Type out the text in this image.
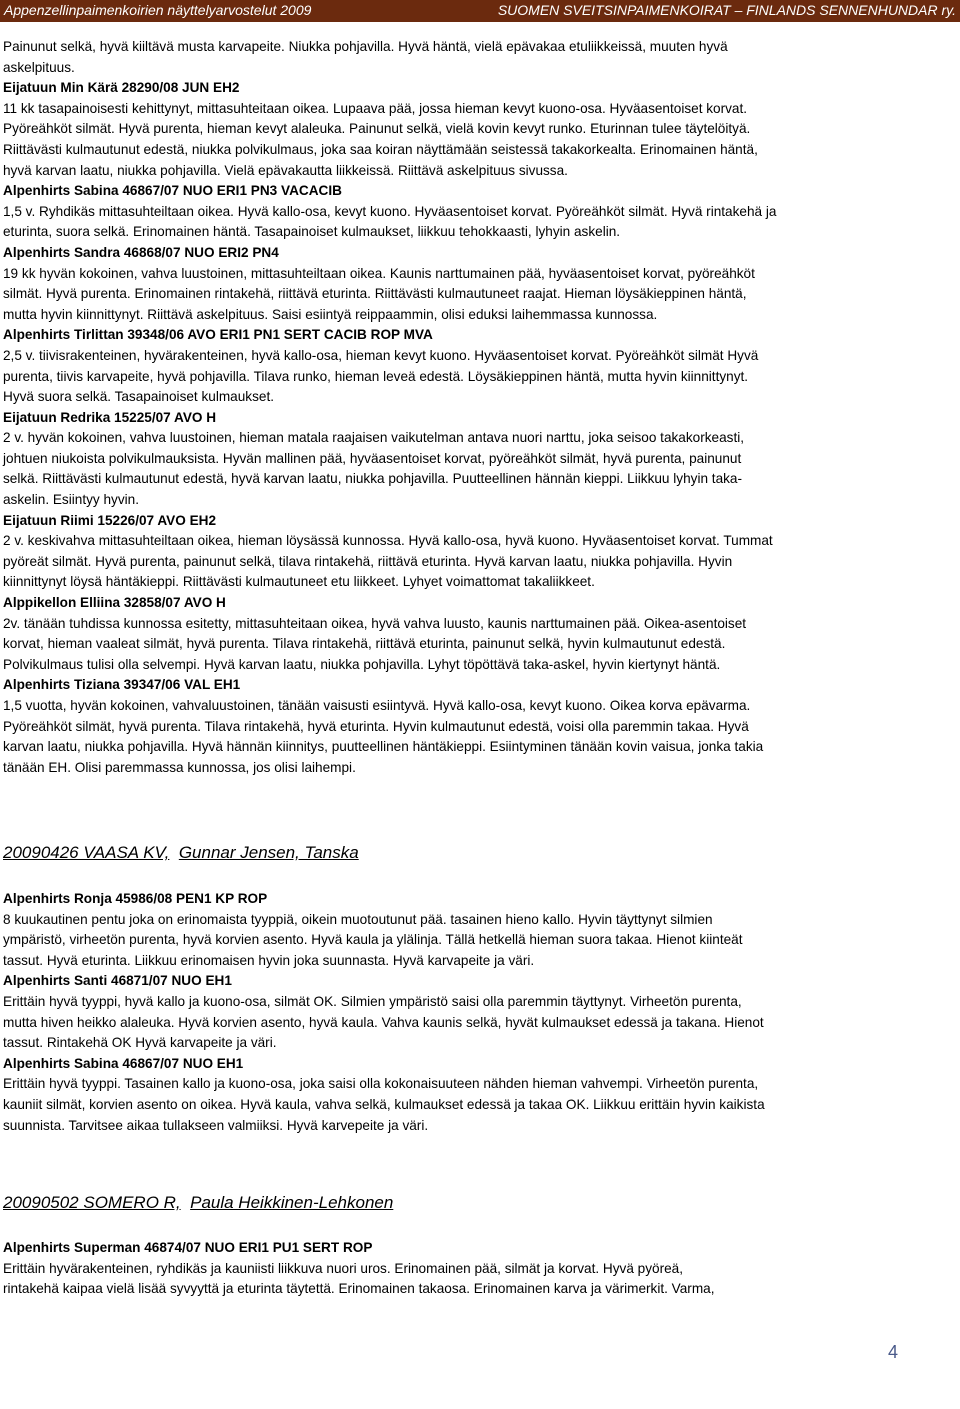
Appenzellinpaimenkoirien näyttelyarvostelut 2009	SUOMEN SVEITSINPAIMENKOIRAT – FINLANDS SENNENHUNDAR ry.
Painunut selkä, hyvä kiiltävä musta karvapeite. Niukka pohjavilla. Hyvä häntä, vielä epävakaa etuliikkeissä, muuten hyvä
askelpituus.
Eijatuun Min Kärä 28290/08 JUN EH2
11 kk tasapainoisesti kehittynyt, mittasuhteitaan oikea. Lupaava pää, jossa hieman kevyt kuono-osa. Hyväasentoiset korvat.
Pyöreähköt silmät. Hyvä purenta, hieman kevyt alaleuka. Painunut selkä, vielä kovin kevyt runko. Eturinnan tulee täytelöityä.
Riittävästi kulmautunut edestä, niukka polvikulmaus, joka saa koiran näyttämään seistessä takakorkealta. Erinomainen häntä,
hyvä karvan laatu, niukka pohjavilla. Vielä epävakautta liikkeissä. Riittävä askelpituus sivussa.
Alpenhirts Sabina 46867/07 NUO ERI1 PN3 VACACIB
1,5 v. Ryhdikäs mittasuhteiltaan oikea. Hyvä kallo-osa, kevyt kuono. Hyväasentoiset korvat. Pyöreähköt silmät. Hyvä rintakehä ja
eturinta, suora selkä. Erinomainen häntä. Tasapainoiset kulmaukset, liikkuu tehokkaasti, lyhyin askelin.
Alpenhirts Sandra 46868/07 NUO ERI2 PN4
19 kk hyvän kokoinen, vahva luustoinen, mittasuhteiltaan oikea. Kaunis narttumainen pää, hyväasentoiset korvat, pyöreähköt
silmät. Hyvä purenta. Erinomainen rintakehä, riittävä eturinta. Riittävästi kulmautuneet raajat. Hieman löysäkieppinen häntä,
mutta hyvin kiinnittynyt. Riittävä askelpituus. Saisi esiintyä reippaammin, olisi eduksi laihemmassa kunnossa.
Alpenhirts Tirlittan 39348/06 AVO ERI1 PN1 SERT CACIB ROP MVA
2,5 v. tiivisrakenteinen, hyvärakenteinen, hyvä kallo-osa, hieman kevyt kuono. Hyväasentoiset korvat. Pyöreähköt silmät Hyvä
purenta, tiivis karvapeite, hyvä pohjavilla. Tilava runko, hieman leveä edestä. Löysäkieppinen häntä, mutta hyvin kiinnittynyt.
Hyvä suora selkä. Tasapainoiset kulmaukset.
Eijatuun Redrika 15225/07 AVO H
2 v. hyvän kokoinen, vahva luustoinen, hieman matala raajaisen vaikutelman antava nuori narttu, joka seisoo takakorkeasti,
johtuen niukoista polvikulmauksista. Hyvän mallinen pää, hyväasentoiset korvat, pyöreähköt silmät, hyvä purenta, painunut
selkä. Riittävästi kulmautunut edestä, hyvä karvan laatu, niukka pohjavilla. Puutteellinen hännän kieppi. Liikkuu lyhyin taka-
askelin. Esiintyy hyvin.
Eijatuun Riimi 15226/07 AVO EH2
2 v. keskivahva mittasuhteiltaan oikea, hieman löysässä kunnossa. Hyvä kallo-osa, hyvä kuono. Hyväasentoiset korvat. Tummat
pyöreät silmät. Hyvä purenta, painunut selkä, tilava rintakehä, riittävä eturinta. Hyvä karvan laatu, niukka pohjavilla. Hyvin
kiinnittynyt löysä häntäkieppi. Riittävästi kulmautuneet etu liikkeet. Lyhyet voimattomat takaliikkeet.
Alppikellon Elliina 32858/07 AVO H
2v. tänään tuhdissa kunnossa esitetty, mittasuhteitaan oikea, hyvä vahva luusto, kaunis narttumainen pää. Oikea-asentoiset
korvat, hieman vaaleat silmät, hyvä purenta. Tilava rintakehä, riittävä eturinta, painunut selkä, hyvin kulmautunut edestä.
Polvikulmaus tulisi olla selvempi. Hyvä karvan laatu, niukka pohjavilla. Lyhyt töpöttävä taka-askel, hyvin kiertynyt häntä.
Alpenhirts Tiziana 39347/06 VAL EH1
1,5 vuotta, hyvän kokoinen, vahvaluustoinen, tänään vaisusti esiintyvä. Hyvä kallo-osa, kevyt kuono. Oikea korva epävarma.
Pyöreähköt silmät, hyvä purenta. Tilava rintakehä, hyvä eturinta. Hyvin kulmautunut edestä, voisi olla paremmin takaa. Hyvä
karvan laatu, niukka pohjavilla. Hyvä hännän kiinnitys, puutteellinen häntäkieppi. Esiintyminen tänään kovin vaisua, jonka takia
tänään EH. Olisi paremmassa kunnossa, jos olisi laihempi.
20090426 VAASA KV, Gunnar Jensen, Tanska
Alpenhirts Ronja 45986/08 PEN1 KP ROP
8 kuukautinen pentu joka on erinomaista tyyppiä, oikein muotoutunut pää. tasainen hieno kallo. Hyvin täyttynyt silmien
ympäristö, virheetön purenta, hyvä korvien asento. Hyvä kaula ja ylälinja. Tällä hetkellä hieman suora takaa. Hienot kiinteät
tassut. Hyvä eturinta. Liikkuu erinomaisen hyvin joka suunnasta. Hyvä karvapeite ja väri.
Alpenhirts Santi 46871/07 NUO EH1
Erittäin hyvä tyyppi, hyvä kallo ja kuono-osa, silmät OK. Silmien ympäristö saisi olla paremmin täyttynyt. Virheetön purenta,
mutta hiven heikko alaleuka. Hyvä korvien asento, hyvä kaula. Vahva kaunis selkä, hyvät kulmaukset edessä ja takana. Hienot
tassut. Rintakehä OK Hyvä karvapeite ja väri.
Alpenhirts Sabina 46867/07 NUO EH1
Erittäin hyvä tyyppi. Tasainen kallo ja kuono-osa, joka saisi olla kokonaisuuteen nähden hieman vahvempi. Virheetön purenta,
kauniit silmät, korvien asento on oikea. Hyvä kaula, vahva selkä, kulmaukset edessä ja takaa OK. Liikkuu erittäin hyvin kaikista
suunnista. Tarvitsee aikaa tullakseen valmiiksi. Hyvä karvepeite ja väri.
20090502 SOMERO R, Paula Heikkinen-Lehkonen
Alpenhirts Superman 46874/07 NUO ERI1 PU1 SERT ROP
Erittäin hyvärakenteinen, ryhdikäs ja kauniisti liikkuva nuori uros. Erinomainen pää, silmät ja korvat. Hyvä pyöreä,
rintakehä kaipaa vielä lisää syvyyttä ja eturinta täytettä. Erinomainen takaosa. Erinomainen karva ja värimerkit. Varma,
4
